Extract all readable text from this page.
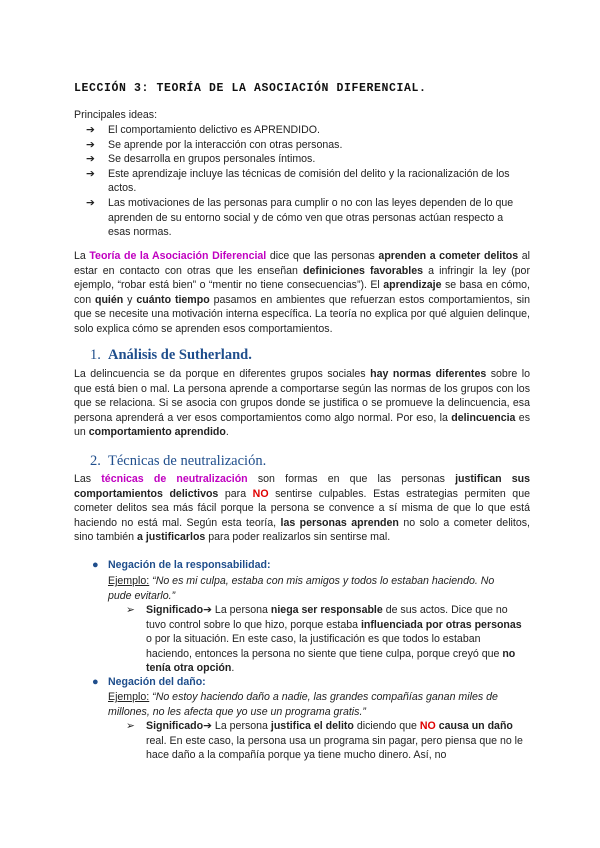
LECCIÓN 3: TEORÍA DE LA ASOCIACIÓN DIFERENCIAL.
Principales ideas:
➔ El comportamiento delictivo es APRENDIDO.
➔ Se aprende por la interacción con otras personas.
➔ Se desarrolla en grupos personales íntimos.
➔ Este aprendizaje incluye las técnicas de comisión del delito y la racionalización de los actos.
➔ Las motivaciones de las personas para cumplir o no con las leyes dependen de lo que aprenden de su entorno social y de cómo ven que otras personas actúan respecto a esas normas.
La Teoría de la Asociación Diferencial dice que las personas aprenden a cometer delitos al estar en contacto con otras que les enseñan definiciones favorables a infringir la ley (por ejemplo, “robar está bien” o “mentir no tiene consecuencias”). El aprendizaje se basa en cómo, con quién y cuánto tiempo pasamos en ambientes que refuerzan estos comportamientos, sin que se necesite una motivación interna específica. La teoría no explica por qué alguien delinque, solo explica cómo se aprenden esos comportamientos.
1. Análisis de Sutherland.
La delincuencia se da porque en diferentes grupos sociales hay normas diferentes sobre lo que está bien o mal. La persona aprende a comportarse según las normas de los grupos con los que se relaciona. Si se asocia con grupos donde se justifica o se promueve la delincuencia, esa persona aprenderá a ver esos comportamientos como algo normal. Por eso, la delincuencia es un comportamiento aprendido.
2. Técnicas de neutralización.
Las técnicas de neutralización son formas en que las personas justifican sus comportamientos delictivos para NO sentirse culpables. Estas estrategias permiten que cometer delitos sea más fácil porque la persona se convence a sí misma de que lo que está haciendo no está mal. Según esta teoría, las personas aprenden no solo a cometer delitos, sino también a justificarlos para poder realizarlos sin sentirse mal.
● Negación de la responsabilidad:
Ejemplo: “No es mi culpa, estaba con mis amigos y todos lo estaban haciendo. No pude evitarlo.”
➢ Significado➔ La persona niega ser responsable de sus actos. Dice que no tuvo control sobre lo que hizo, porque estaba influenciada por otras personas o por la situación. En este caso, la justificación es que todos lo estaban haciendo, entonces la persona no siente que tiene culpa, porque creyó que no tenía otra opción.
● Negación del daño:
Ejemplo: “No estoy haciendo daño a nadie, las grandes compañías ganan miles de millones, no les afecta que yo use un programa gratis.”
➢ Significado➔ La persona justifica el delito diciendo que NO causa un daño real. En este caso, la persona usa un programa sin pagar, pero piensa que no le hace daño a la compañía porque ya tiene mucho dinero. Así, no
